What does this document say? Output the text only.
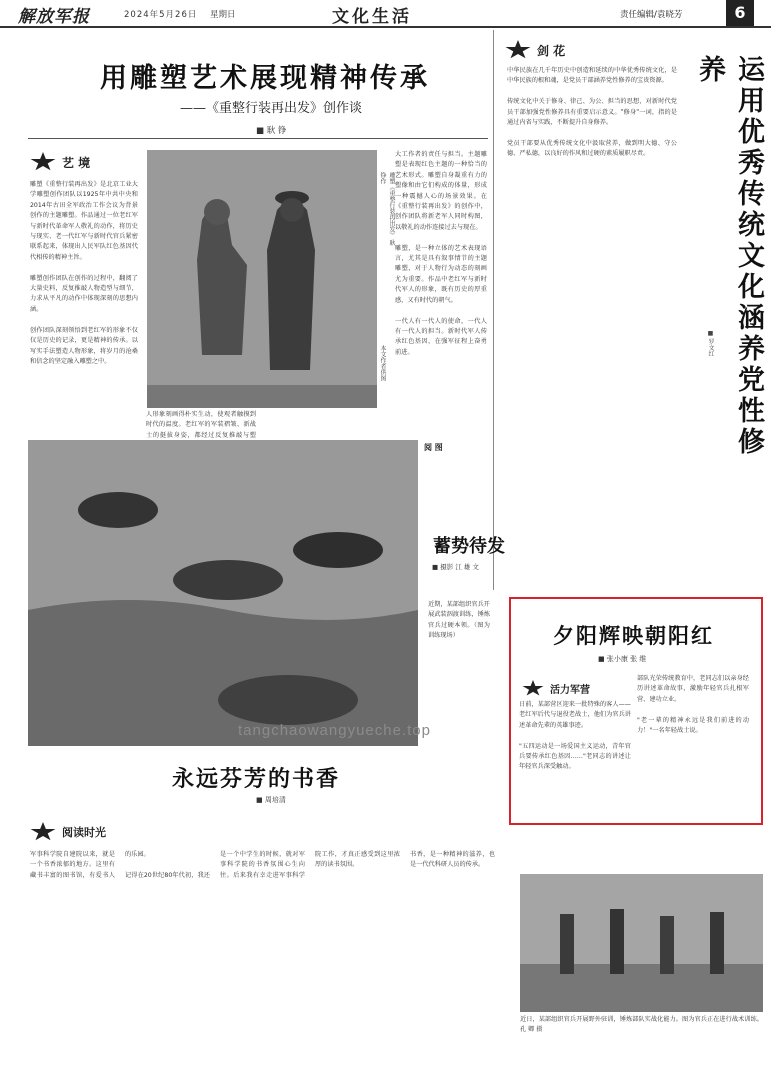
解放军报	2024年5月26日 星期日	文化生活	责任编辑/袁晓芳	6
用雕塑艺术展现精神传承
——《重整行装再出发》创作谈
■ 耿 铮
艺 境
雕塑《重整行装再出发》是北京工业大学雕塑创作团队以1925年中共中央和2014年古田全军政治工作会议为背景创作的主题雕塑。作品通过一位老红军与新时代革命军人敬礼的动作，将历史与现实、老一代红军与新时代官兵紧密联系起来，体现出人民军队红色基因代代相传的精神主旨。

雕塑创作团队在创作的过程中，翻阅了大量史料，反复推敲人物造型与细节，力求从平凡的动作中体现深刻的思想内涵。

创作团队深刻领悟到老红军的形象不仅仅是历史的记录，更是精神的传承。以写实手法塑造人物形象，将岁月的沧桑和信念的坚定融入雕塑之中。
雕塑《重整行装再出发》 耿 铮作
本文作者供图
人形象刻画得朴实生动，使观者触摸到时代的温度。老红军的军装褶皱、新战士的挺拔身姿，都经过反复推敲与塑

大工作者的责任与担当。主题雕塑是表现红色主题的一种恰当的艺术形式。雕塑自身凝重有力的塑像和由它们构成的体量，形成一种震撼人心的场景效果。在《重整行装再出发》的创作中，创作团队将新老军人同时构图，以敬礼的动作连接过去与现在。

雕塑，是一种立体的艺术表现语言，尤其是具有叙事情节的主题雕塑，对于人物行为动态的刻画尤为重要。作品中老红军与新时代军人的形象，既有历史的厚重感，又有时代的朝气。

一代人有一代人的使命，一代人有一代人的担当。新时代军人传承红色基因，在强军征程上奋勇前进。
剑 花
运用优秀传统文化涵养党性修养
■ 罗文红
中华民族在几千年历史中创造和延续的中华优秀传统文化，是中华民族的根和魂，是党员干部涵养党性修养的宝贵资源。

传统文化中关于修身、律己、为公、担当的思想，对新时代党员干部加强党性修养具有重要启示意义。"修身"一词，指的是通过内省与实践，不断提升自身修养。

党员干部要从优秀传统文化中汲取营养，做到明大德、守公德、严私德，以良好的作风和过硬的素质履职尽责。
阅 图
蓄势待发
■ 摄影 江 雄 文
近期，某部组织官兵开展武装泅渡训练，锤炼官兵过硬本领。（图为训练现场）	夕阳辉映朝阳红
■ 张小康 张 维
活力军营
日前，某部营区迎来一批特殊的客人——老红军后代与退役老战士，他们为官兵讲述革命先辈的英雄事迹。

"五四运动是一场爱国主义运动，青年官兵要传承红色基因……"老同志的讲述让年轻官兵深受触动。
部队光荣传统教育中，老同志们以亲身经历讲述革命故事，激励年轻官兵扎根军营、建功立业。

"老一辈的精神永远是我们前进的动力！"一名年轻战士说。
永远芬芳的书香
■ 周培清
阅读时光
军事科学院自建院以来，就是一个书香浓郁的地方。这里有藏书丰富的图书馆，有爱书人的乐园。

记得在20世纪80年代初，我还是一个中学生的时候，就对军事科学院的书香氛围心生向往。后来我有幸走进军事科学院工作，才真正感受到这里浓厚的读书氛围。

书香，是一种精神的滋养，也是一代代科研人员的传承。
近日，某部组织官兵开展野外驻训，锤炼部队实战化能力。图为官兵正在进行战术训练。 孔 卿 摄
tangchaowangyueche.top
